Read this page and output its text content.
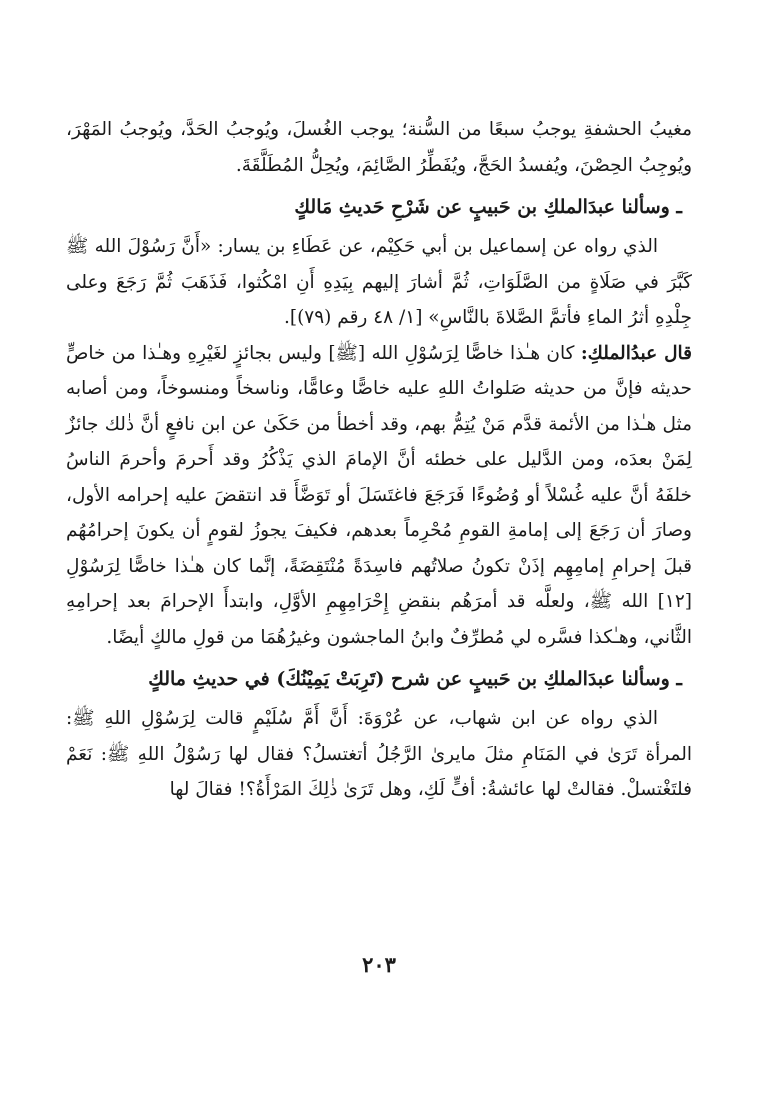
مغيبُ الحشفةِ يوجبُ سبعًا من السُّنة؛ يوجب الغُسلَ، ويُوجبُ الحَدَّ، ويُوجبُ المَهْرَ، ويُوجِبُ الحِصْنَ، ويُفسدُ الحَجَّ، ويُفَطِّرُ الصَّائِمَ، ويُحِلُّ المُطَلَّقَةَ.

ـ وسألنا عبدَالملكِ بن حَبيبٍ عن شَرْحِ حَديثِ مَالكٍ

الذي رواه عن إسماعيل بن أبي حَكِيْم، عن عَطَاءِ بن يسار: «أَنَّ رَسُوْلَ الله ﷺ كَبَّرَ في صَلَاةٍ من الصَّلَوَاتِ، ثُمَّ أشارَ إليهم بِيَدِهِ أَنِ امْكُثوا، فَذَهَبَ ثُمَّ رَجَعَ وعلى جِلْدِهِ أثرُ الماءِ فأتمَّ الصَّلاةَ بالنَّاسِ» [١/ ٤٨ رقم (٧٩)].

قال عبدُالملكِ: كان هـٰذا خاصًّا لِرَسُوْلِ الله [ﷺ] وليس بجائزٍ لغَيْرِهِ وهـٰذا من خاصٍّ حديثه فإنَّ من حديثه صَلواتُ اللهِ عليه خاصًّا وعامًّا، وناسخاً ومنسوخاً، ومن أصابه مثل هـٰذا من الأئمة قدَّم مَنْ يُتِمُّ بهم، وقد أخطأ من حَكَىٰ عن ابن نافعٍ أنَّ ذٰلك جائزٌ لِمَنْ بعدَه، ومن الدَّليل على خطئه أنَّ الإمامَ الذي يَذْكُرُ وقد أَحرمَ وأحرمَ الناسُ خلفَهُ أنَّ عليه غُسْلاً أو وُضُوءًا فَرَجَعَ فاغتَسَلَ أو تَوَضَّأَ قد انتقضَ عليه إحرامه الأول، وصارَ أن رَجَعَ إلى إمامةِ القومِ مُحْرِماً بعدهم، فكيفَ يجوزُ لقومٍ أن يكونَ إحرامُهُم قبلَ إحرامِ إمامِهِم إذَنْ تكونُ صلاتُهم فاسِدَةً مُنْتَقِضَةً، إنَّما كان هـٰذا خاصًّا لِرَسُوْلِ [١٢] الله ﷺ، ولعلَّه قد أمرَهُم بنقضِ إِحْرَامِهِمِ الأوَّلِ، وابتدأَ الإحرامَ بعد إحرامِهِ الثَّاني، وهـٰكذا فسَّره لي مُطرِّفٌ وابنُ الماجشون وغيرُهُمَا من قولِ مالكٍ أيضًا.

ـ وسألنا عبدَالملكِ بن حَبيبٍ عن شرح (تَرِبَتْ يَمِيْنُكَ) في حديثِ مالكٍ

الذي رواه عن ابن شهاب، عن عُرْوَةَ: أَنَّ أَمَّ سُلَيْمٍ قالت لِرَسُوْلِ اللهِ ﷺ: المرأة تَرَىٰ في المَنَامِ مثلَ مايرىٰ الرَّجُلُ أتغتسلُ؟ فقال لها رَسُوْلُ اللهِ ﷺ: نَعَمْ فلتَغْتسلْ. فقالتْ لها عائشةُ: أفٍّ لَكِ، وهل تَرَىٰ ذٰلِكَ المَرْأَةُ؟! فقالَ لها

٢٠٣
